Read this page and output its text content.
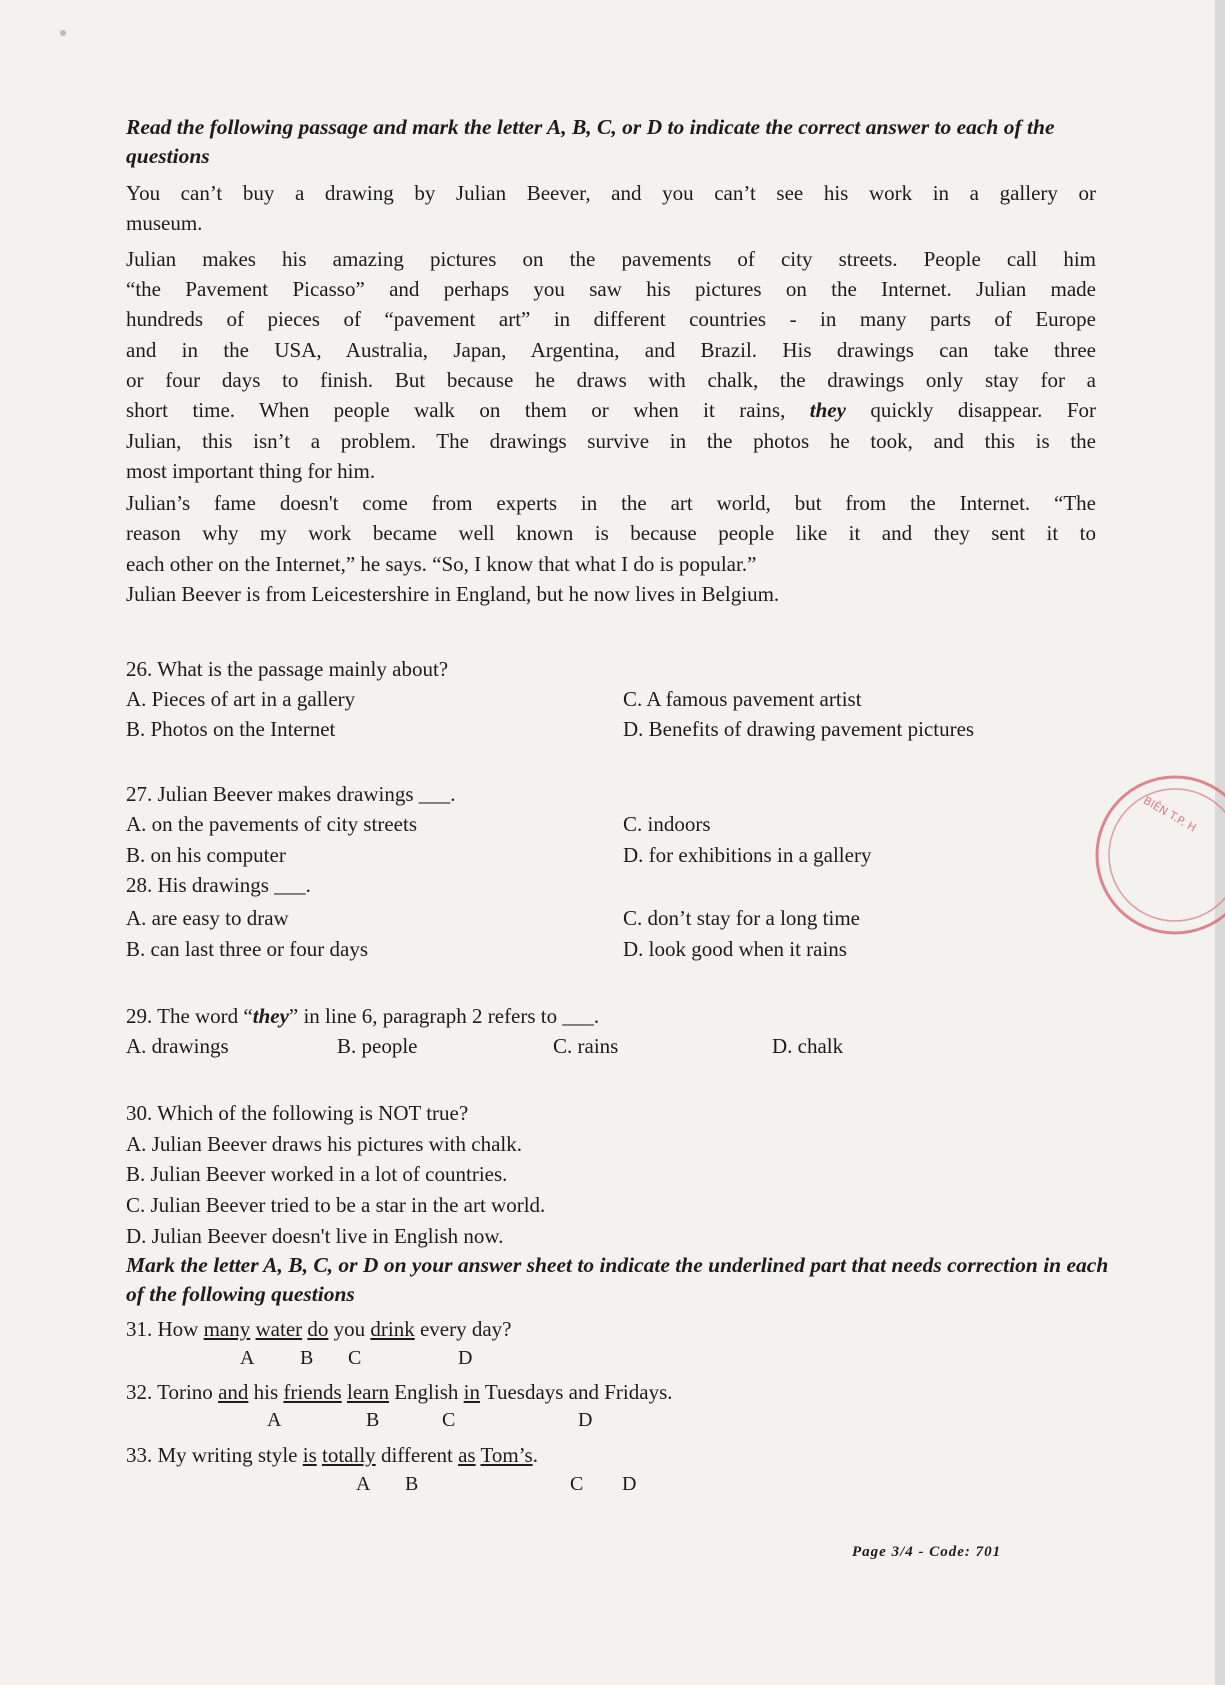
Read the following passage and mark the letter A, B, C, or D to indicate the correct answer to each of the questions
You can’t buy a drawing by Julian Beever, and you can’t see his work in a gallery or
museum.
Julian makes his amazing pictures on the pavements of city streets. People call him
“the Pavement Picasso” and perhaps you saw his pictures on the Internet. Julian made
hundreds of pieces of “pavement art” in different countries - in many parts of Europe
and in the USA, Australia, Japan, Argentina, and Brazil. His drawings can take three
or four days to finish. But because he draws with chalk, the drawings only stay for a
short time. When people walk on them or when it rains, they quickly disappear. For
Julian, this isn’t a problem. The drawings survive in the photos he took, and this is the
most important thing for him.
Julian’s fame doesn't come from experts in the art world, but from the Internet. “The
reason why my work became well known is because people like it and they sent it to
each other on the Internet,” he says. “So, I know that what I do is popular.”
Julian Beever is from Leicestershire in England, but he now lives in Belgium.
26. What is the passage mainly about?
A. Pieces of art in a gallery	C. A famous pavement artist
B. Photos on the Internet	D. Benefits of drawing pavement pictures
27. Julian Beever makes drawings ___.
A. on the pavements of city streets	C. indoors
B. on his computer	D. for exhibitions in a gallery
28. His drawings ___.
A. are easy to draw	C. don’t stay for a long time
B. can last three or four days	D. look good when it rains
29. The word “they” in line 6, paragraph 2 refers to ___.
A. drawings	B. people	C. rains	D. chalk
30. Which of the following is NOT true?
A. Julian Beever draws his pictures with chalk.
B. Julian Beever worked in a lot of countries.
C. Julian Beever tried to be a star in the art world.
D. Julian Beever doesn't live in English now.
Mark the letter A, B, C, or D on your answer sheet to indicate the underlined part that needs correction in each of the following questions
31. How many water do you drink every day?
A B C	D
32. Torino and his friends learn English in Tuesdays and Fridays.
A	B	C	D
33. My writing style is totally different as Tom’s.
A B	C D
Page 3/4 - Code: 701
BIÊN T.P. H
